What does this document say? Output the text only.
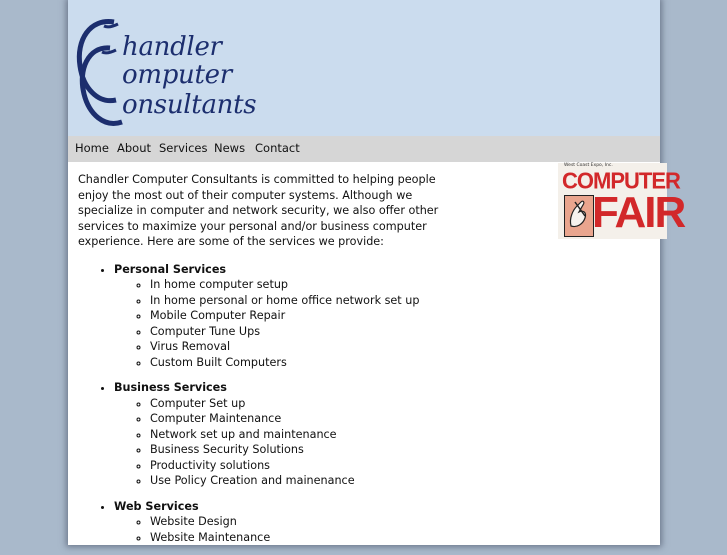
handler
omputer
onsultants
Home About Services News Contact

Chandler Computer Consultants is committed to helping people enjoy the most out of their computer systems. Although we specialize in computer and network security, we also offer other services to maximize your personal and/or business computer experience. Here are some of the services we provide:

• Personal Services
◦ In home computer setup
◦ In home personal or home office network set up
◦ Mobile Computer Repair
◦ Computer Tune Ups
◦ Virus Removal
◦ Custom Built Computers
• Business Services
◦ Computer Set up
◦ Computer Maintenance
◦ Network set up and maintenance
◦ Business Security Solutions
◦ Productivity solutions
◦ Use Policy Creation and mainenance
• Web Services
◦ Website Design
◦ Website Maintenance
West Coast Expo, Inc.
COMPUTER
FAIR
